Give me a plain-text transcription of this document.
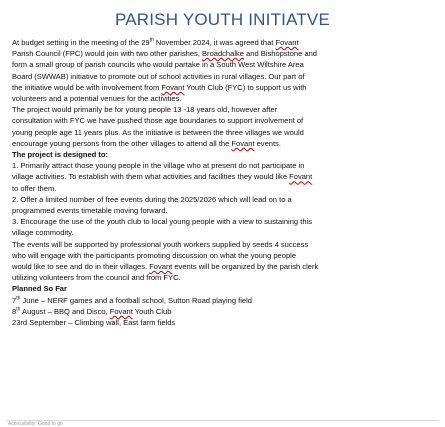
PARISH YOUTH INITIATVE

At budget setting in the meeting of the 29th November 2024, it was agreed that Fovant
Parish Council (FPC) would join with two other parishes, Broadchalke and Bishopstone and
form a small group of parish councils who would partake in a South West Wiltshire Area
Board (SWWAB) initiative to promote out of school activities in rural villages. Our part of
the initiative would be with involvement from Fovant Youth Club (FYC) to support us with
volunteers and a potential venues for the activities.
The project would primarily be for young people 13 -18 years old, however after
consultation with FYC we have pushed those age boundaries to support involvement of
young people age 11 years plus. As the initiative is between the three villages we would
encourage young persons from the other villages to attend all the Fovant events.

The project is designed to:

1. Primarily attract those young people in the village who at present do not participate in
village activities. To establish with them what activities and facilities they would like Fovant
to offer them.
2. Offer a limited number of free events during the 2025/2026 which will lead on to a
programmed events timetable moving forward.
3. Encourage the use of the youth club to local young people with a view to sustaining this
village commodity.

The events will be supported by professional youth workers supplied by seeds 4 success
who will engage with the participants promoting discussion on what the young people
would like to see and do in their villages. Fovant events will be organized by the parish clerk
utilizing volunteers from the council and from FYC.

Planned So Far

7th June – NERF games and a football school, Sutton Road playing field
8th August – BBQ and Disco, Fovant Youth Club
23rd September – Climbing wall, East farm fields

Accessibility: Good to go
